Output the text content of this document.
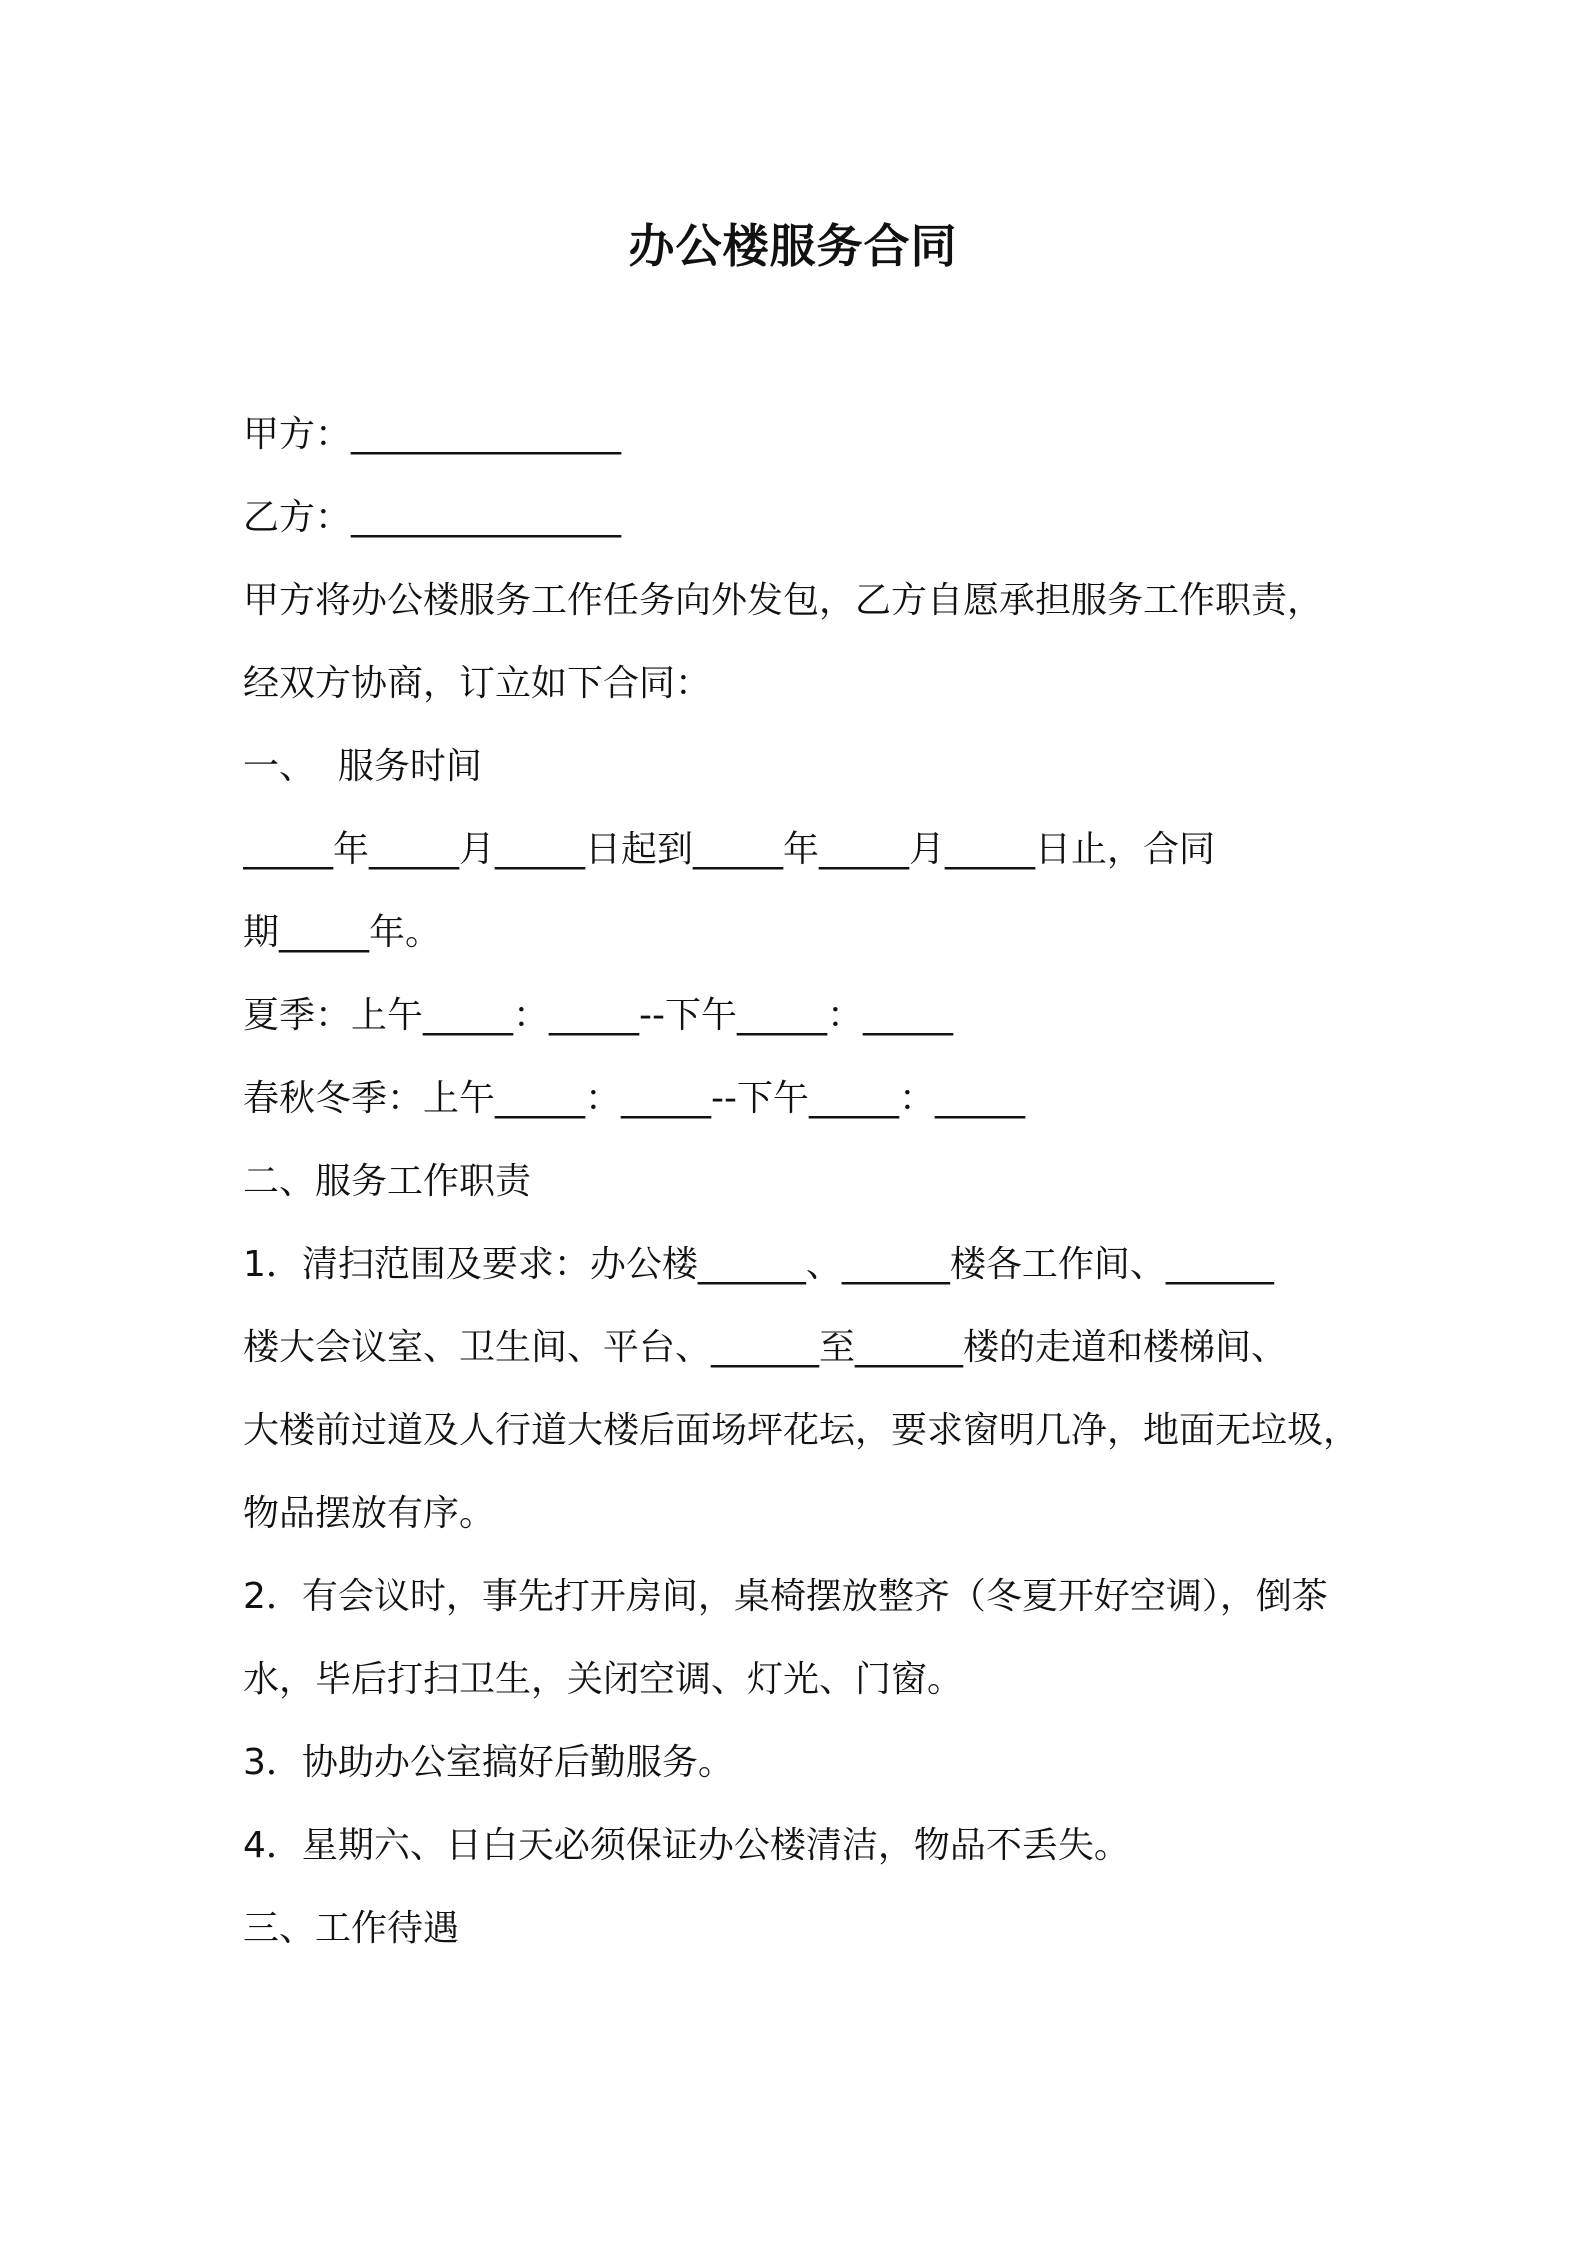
办公楼服务合同
甲方：_______________
乙方：_______________
甲方将办公楼服务工作任务向外发包，乙方自愿承担服务工作职责，
经双方协商，订立如下合同：
一、  服务时间
_____年_____月_____日起到_____年_____月_____日止，合同
期_____年。
夏季：上午_____：_____--下午_____：_____
春秋冬季：上午_____：_____--下午_____：_____
二、服务工作职责
1．清扫范围及要求：办公楼______、______楼各工作间、______
楼大会议室、卫生间、平台、______至______楼的走道和楼梯间、
大楼前过道及人行道大楼后面场坪花坛，要求窗明几净，地面无垃圾，
物品摆放有序。
2．有会议时，事先打开房间，桌椅摆放整齐（冬夏开好空调），倒茶
水，毕后打扫卫生，关闭空调、灯光、门窗。
3．协助办公室搞好后勤服务。
4．星期六、日白天必须保证办公楼清洁，物品不丢失。
三、工作待遇
